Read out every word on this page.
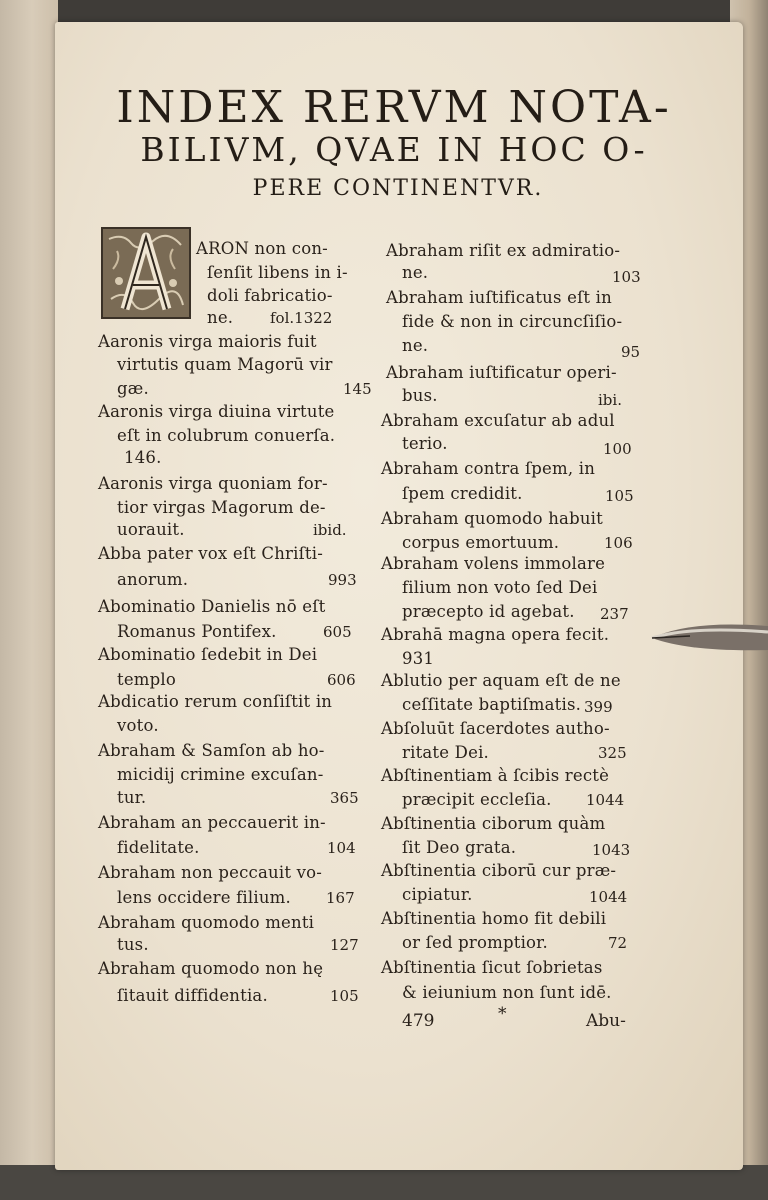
INDEX RERVM NOTA-
BILIVM, QVAE IN HOC O-
PERE CONTINENTVR.
ARON non con-
ſenſit libens in i-
doli fabricatio-
ne. fol.1322
Aaronis virga maioris fuit
virtutis quam Magorū vir
gæ.	145
Aaronis virga diuina virtute
eſt in colubrum conuerſa.
146.
Aaronis virga quoniam for-
tior virgas Magorum de-
uorauit.	ibid.
Abba pater vox eſt Chriſti-
anorum.	993
Abominatio Danielis nō eſt
Romanus Pontifex.	605
Abominatio ſedebit in Dei
templo	606
Abdicatio rerum conſiſtit in
voto.
Abraham & Samſon ab ho-
micidij crimine excuſan-
tur.	365
Abraham an peccauerit in-
fidelitate.	104
Abraham non peccauit vo-
lens occidere filium. 167
Abraham quomodo menti
tus.	127
Abraham quomodo non hę
ſitauit diffidentia.	105
Abraham riſit ex admiratio-
ne.	103
Abraham iuſtificatus eſt in
fide & non in circuncſiſio-
ne.	95
Abraham iuſtificatur operi-
bus.	ibi.
Abraham excuſatur ab adul
terio.	100
Abraham contra ſpem, in
ſpem credidit.	105
Abraham quomodo habuit
corpus emortuum.	106
Abraham volens immolare
filium non voto ſed Dei
præcepto id agebat. 237
Abrahā magna opera fecit.
931
Ablutio per aquam eſt de ne
ceſſitate baptiſmatis. 399
Abſoluūt ſacerdotes autho-
ritate Dei.	325
Abſtinentiam à ſcibis rectè
præcipit eccleſia. 1044
Abſtinentia ciborum quàm
ſit Deo grata.	1043
Abſtinentia ciborū cur præ-
cipiatur.	1044
Abſtinentia homo fit debili
or ſed promptior.	72
Abſtinentia ſicut ſobrietas
& ieiunium non ſunt idē.
479	*	Abu-
